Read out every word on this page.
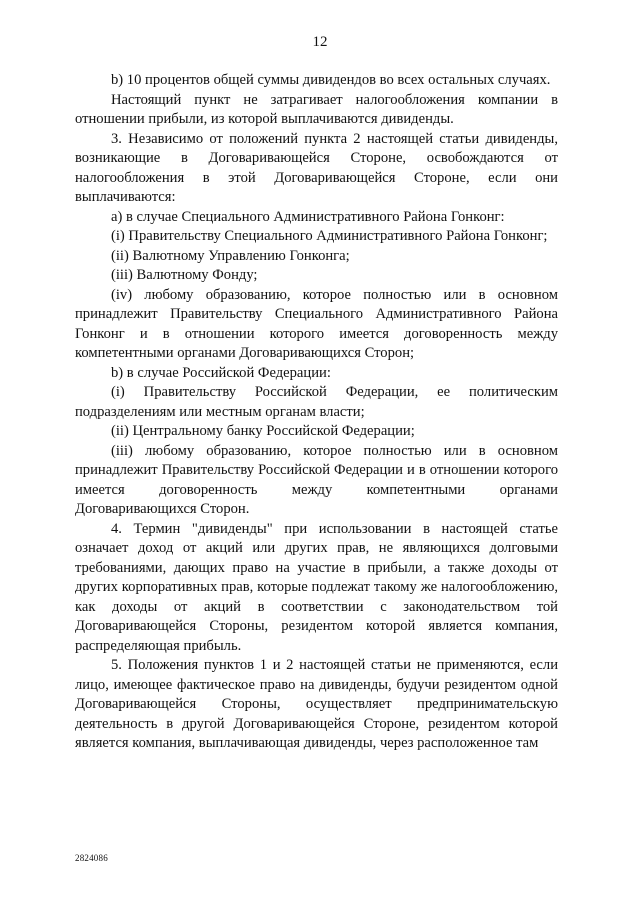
12

b) 10 процентов общей суммы дивидендов во всех остальных случаях.

Настоящий пункт не затрагивает налогообложения компании в отношении прибыли, из которой выплачиваются дивиденды.

3. Независимо от положений пункта 2 настоящей статьи дивиденды, возникающие в Договаривающейся Стороне, освобождаются от налогообложения в этой Договаривающейся Стороне, если они выплачиваются:

a) в случае Специального Административного Района Гонконг:

(i) Правительству Специального Административного Района Гонконг;

(ii) Валютному Управлению Гонконга;

(iii) Валютному Фонду;

(iv) любому образованию, которое полностью или в основном принадлежит Правительству Специального Административного Района Гонконг и в отношении которого имеется договоренность между компетентными органами Договаривающихся Сторон;

b) в случае Российской Федерации:

(i) Правительству Российской Федерации, ее политическим подразделениям или местным органам власти;

(ii) Центральному банку Российской Федерации;

(iii) любому образованию, которое полностью или в основном принадлежит Правительству Российской Федерации и в отношении которого имеется договоренность между компетентными органами Договаривающихся Сторон.

4. Термин "дивиденды" при использовании в настоящей статье означает доход от акций или других прав, не являющихся долговыми требованиями, дающих право на участие в прибыли, а также доходы от других корпоративных прав, которые подлежат такому же налогообложению, как доходы от акций в соответствии с законодательством той Договаривающейся Стороны, резидентом которой является компания, распределяющая прибыль.

5. Положения пунктов 1 и 2 настоящей статьи не применяются, если лицо, имеющее фактическое право на дивиденды, будучи резидентом одной Договаривающейся Стороны, осуществляет предпринимательскую деятельность в другой Договаривающейся Стороне, резидентом которой является компания, выплачивающая дивиденды, через расположенное там

2824086
